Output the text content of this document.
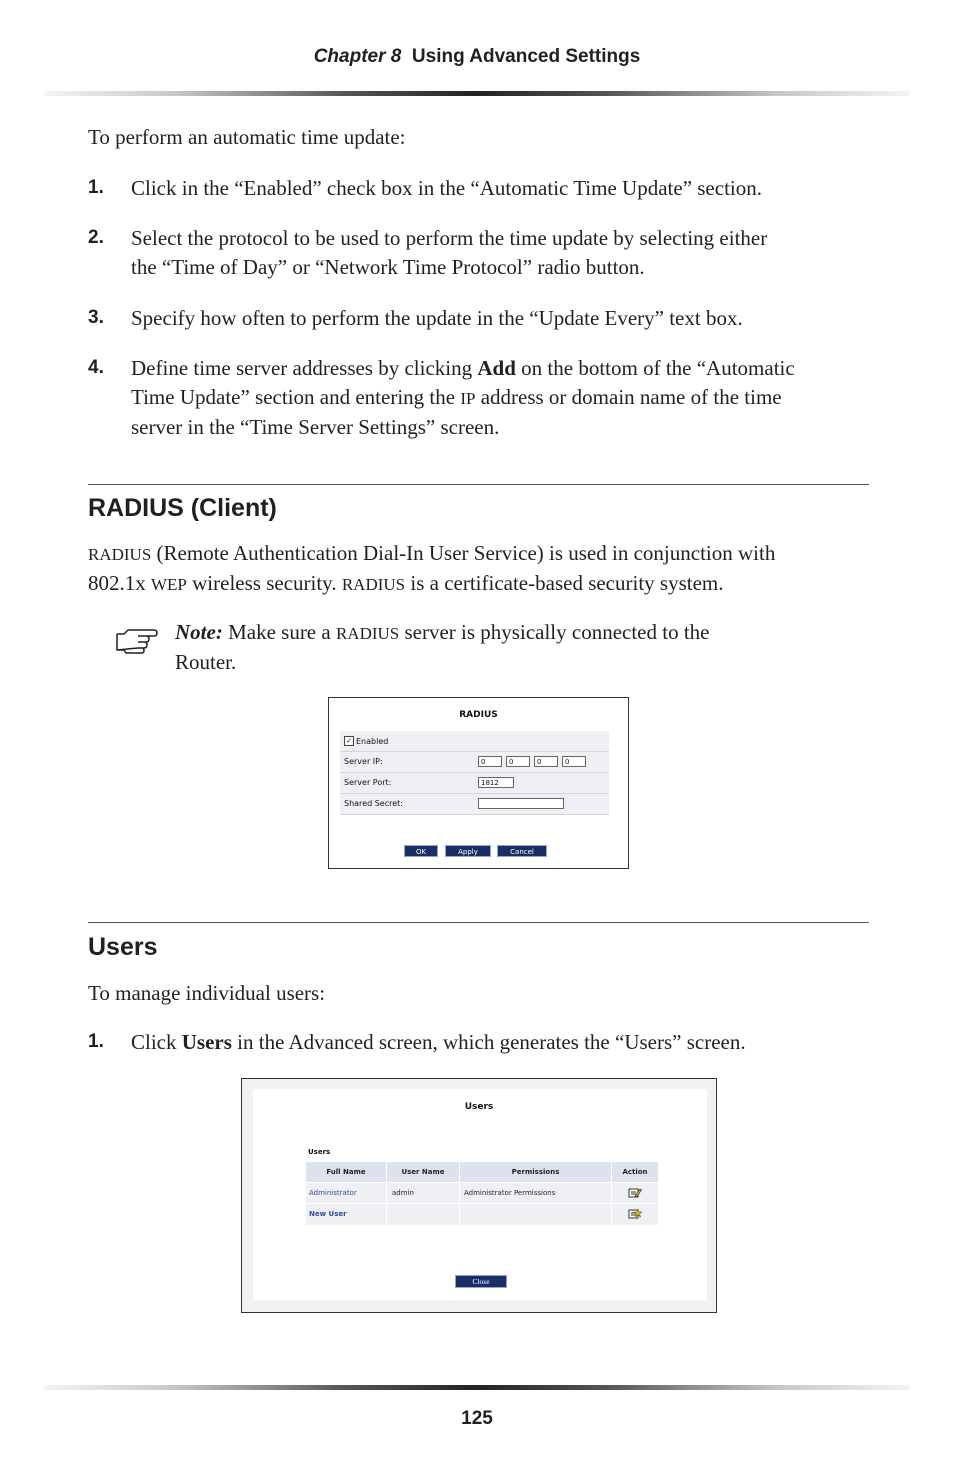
Chapter 8 Using Advanced Settings
To perform an automatic time update:
1. Click in the “Enabled” check box in the “Automatic Time Update” section.
2. Select the protocol to be used to perform the time update by selecting either
the “Time of Day” or “Network Time Protocol” radio button.
3. Specify how often to perform the update in the “Update Every” text box.
4. Define time server addresses by clicking Add on the bottom of the “Automatic
Time Update” section and entering the IP address or domain name of the time
server in the “Time Server Settings” screen.
RADIUS (Client)
RADIUS (Remote Authentication Dial-In User Service) is used in conjunction with
802.1x WEP wireless security. RADIUS is a certificate-based security system.
Note: Make sure a RADIUS server is physically connected to the
Router.
RADIUS
✓ Enabled
Server IP:	0	0	0	0
Server Port:	1812
Shared Secret:
OK	Apply	Cancel
Users
To manage individual users:
1. Click Users in the Advanced screen, which generates the “Users” screen.
Users
Users
Full Name	User Name	Permissions	Action
Administrator	admin	Administrator Permissions
New User
Close
125
